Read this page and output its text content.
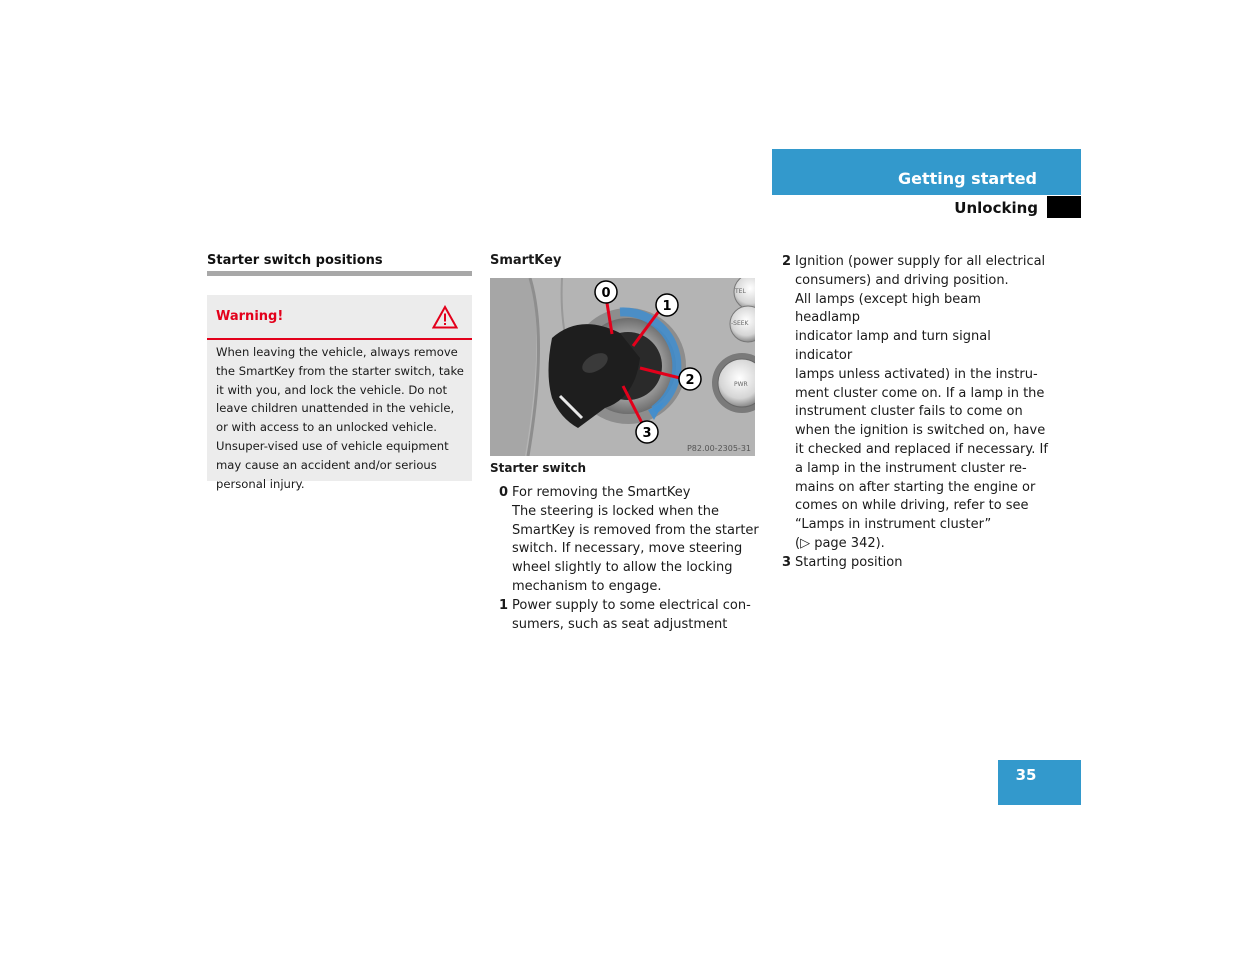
Getting started
Unlocking
Starter switch positions
Warning!
When leaving the vehicle, always remove the SmartKey from the starter switch, take it with you, and lock the vehicle. Do not leave children unattended in the vehicle, or with access to an unlocked vehicle. Unsuper-vised use of vehicle equipment may cause an accident and/or serious personal injury.
SmartKey
TEL
-SEEK
PWR
0
1
2
3
P82.00-2305-31
Starter switch
0 For removing the SmartKey
The steering is locked when the
SmartKey is removed from the starter
switch. If necessary, move steering
wheel slightly to allow the locking
mechanism to engage.
1 Power supply to some electrical con-
sumers, such as seat adjustment
2 Ignition (power supply for all electrical
consumers) and driving position.
All lamps (except high beam headlamp
indicator lamp and turn signal indicator
lamps unless activated) in the instru-
ment cluster come on. If a lamp in the
instrument cluster fails to come on
when the ignition is switched on, have
it checked and replaced if necessary. If
a lamp in the instrument cluster re-
mains on after starting the engine or
comes on while driving, refer to see
“Lamps in instrument cluster”
(▷ page 342).
3 Starting position
35
